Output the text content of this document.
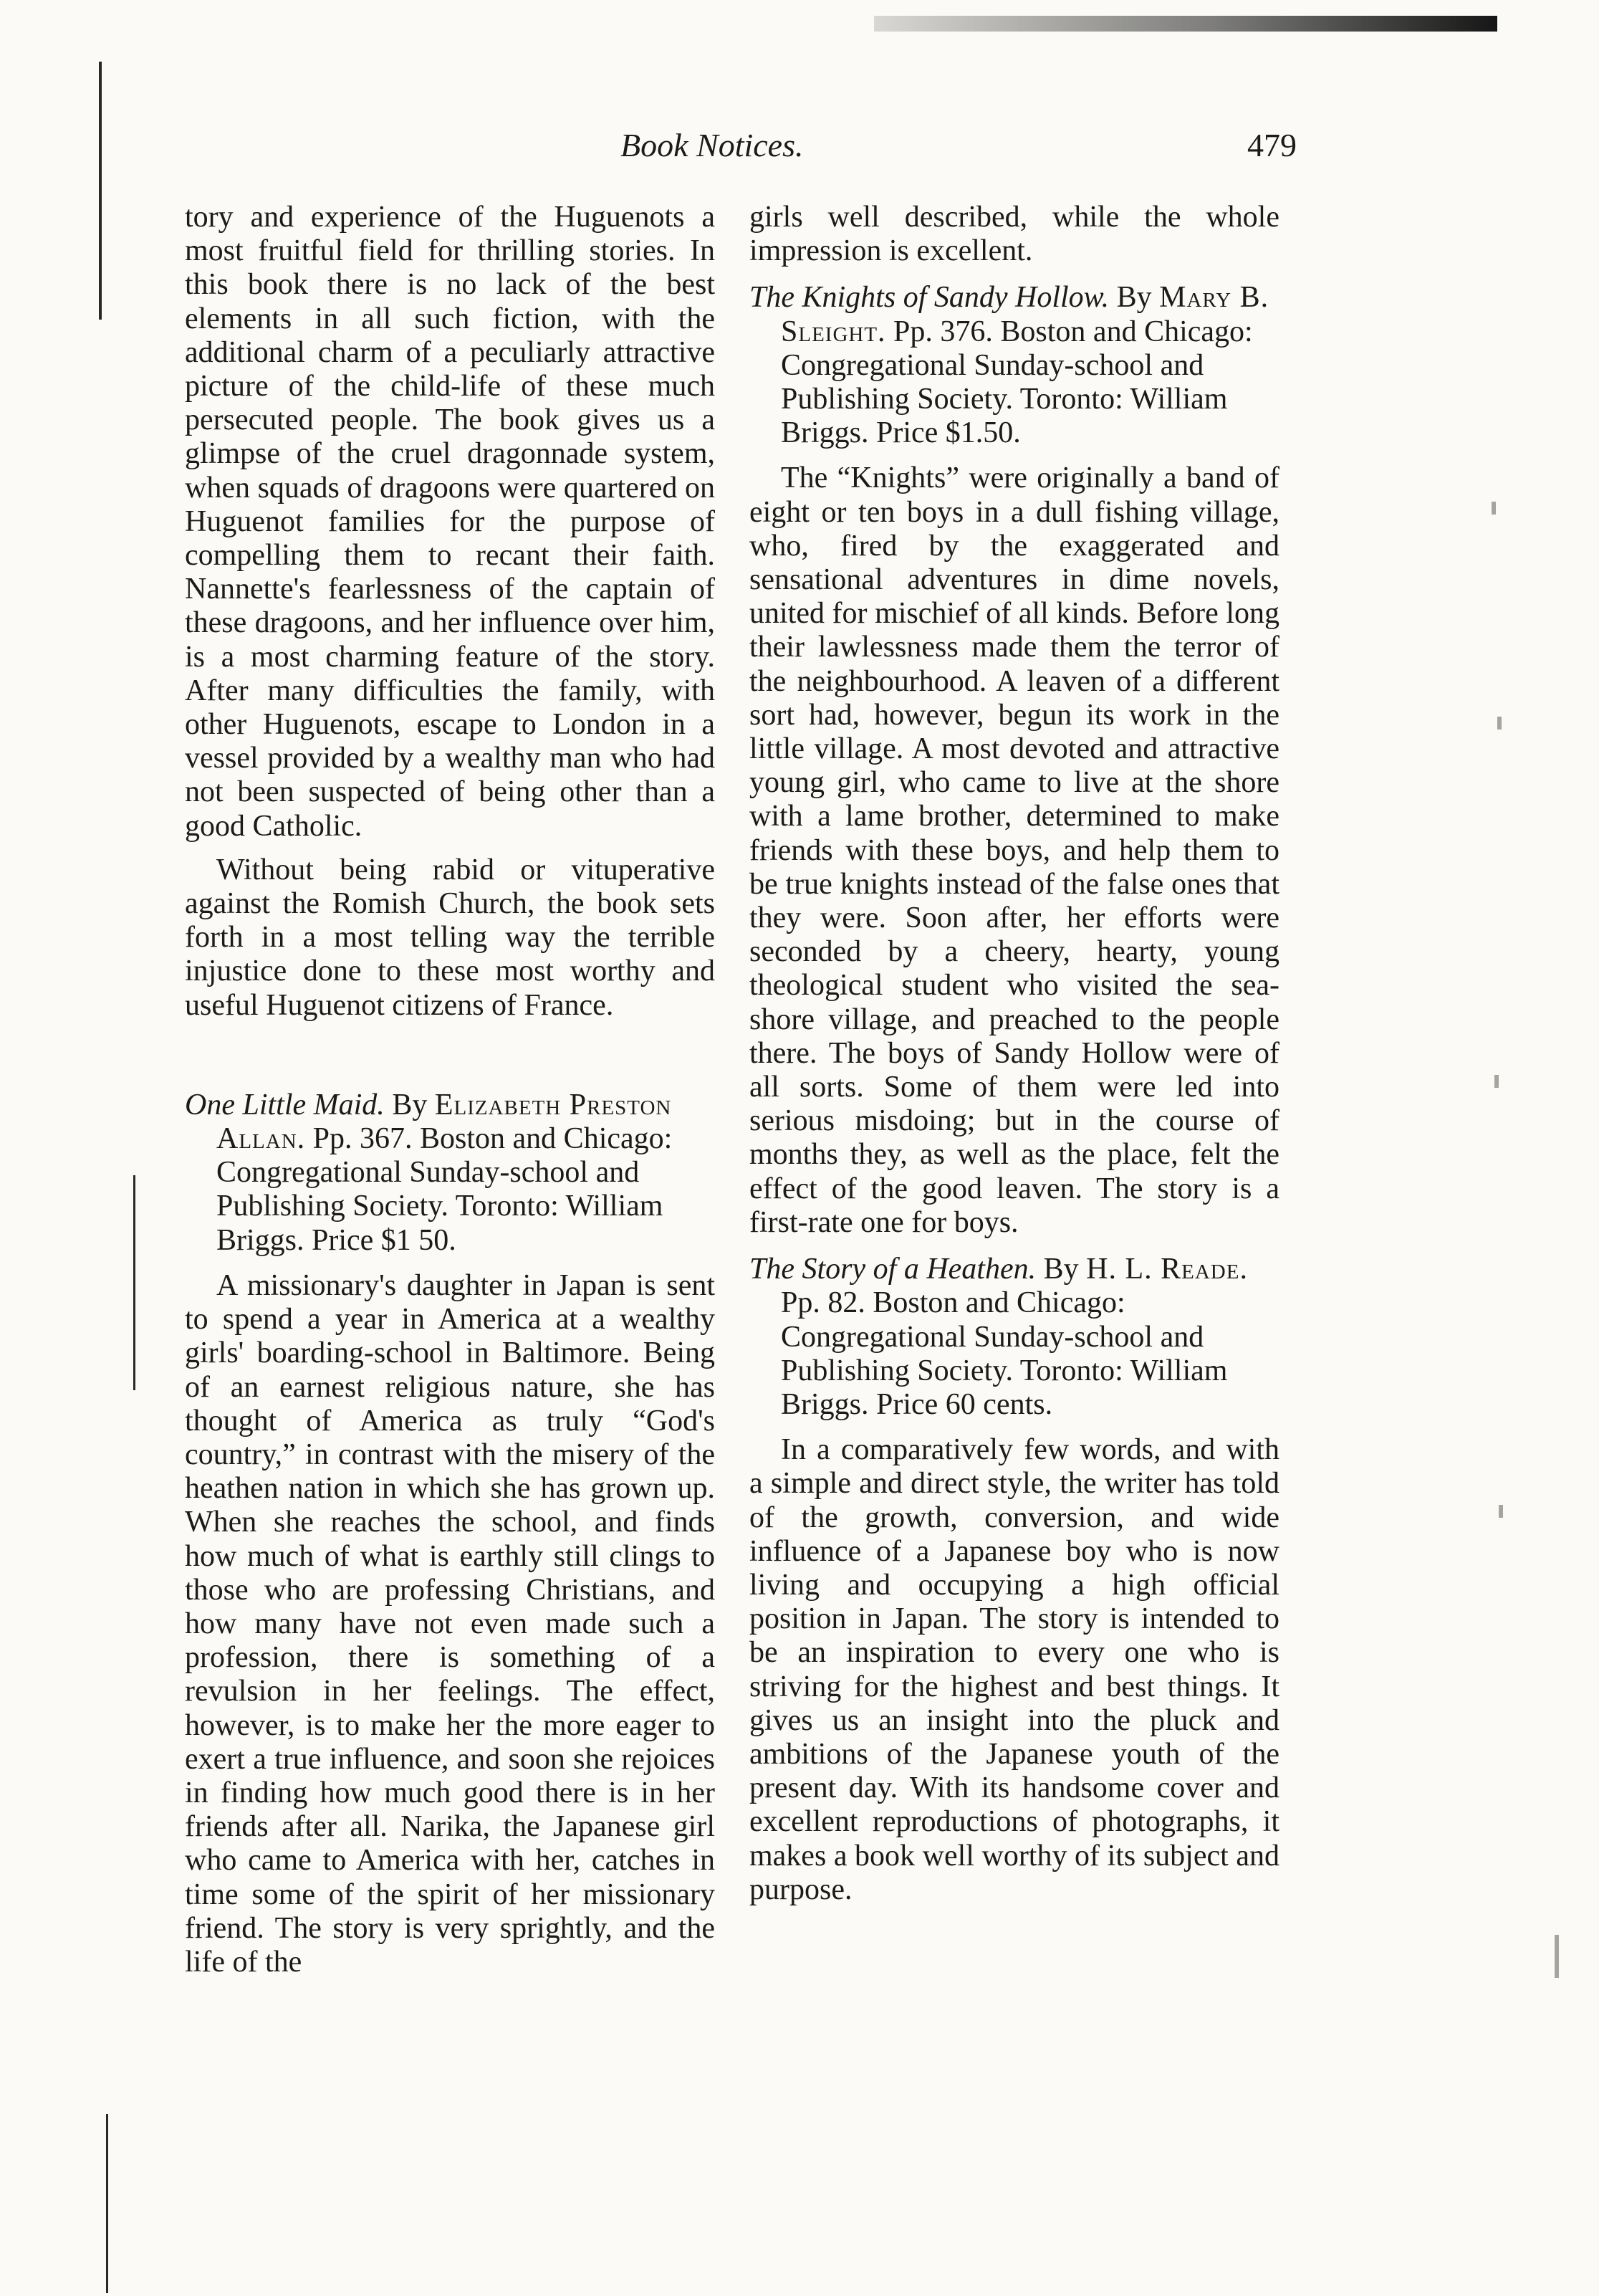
Book Notices.	479

tory and experience of the Huguenots a most fruitful field for thrilling stories. In this book there is no lack of the best elements in all such fiction, with the additional charm of a peculiarly attractive picture of the child-life of these much persecuted people. The book gives us a glimpse of the cruel dragonnade system, when squads of dragoons were quartered on Huguenot families for the purpose of compelling them to recant their faith. Nannette's fearlessness of the captain of these dragoons, and her influence over him, is a most charming feature of the story. After many difficulties the family, with other Huguenots, escape to London in a vessel provided by a wealthy man who had not been suspected of being other than a good Catholic.

Without being rabid or vituperative against the Romish Church, the book sets forth in a most telling way the terrible injustice done to these most worthy and useful Huguenot citizens of France.

One Little Maid. By Elizabeth Preston Allan. Pp. 367. Boston and Chicago: Congregational Sunday-school and Publishing Society. Toronto: William Briggs. Price $1 50.

A missionary's daughter in Japan is sent to spend a year in America at a wealthy girls' boarding-school in Baltimore. Being of an earnest religious nature, she has thought of America as truly “God's country,” in contrast with the misery of the heathen nation in which she has grown up. When she reaches the school, and finds how much of what is earthly still clings to those who are professing Christians, and how many have not even made such a profession, there is something of a revulsion in her feelings. The effect, however, is to make her the more eager to exert a true influence, and soon she rejoices in finding how much good there is in her friends after all. Narika, the Japanese girl who came to America with her, catches in time some of the spirit of her missionary friend. The story is very sprightly, and the life of the

girls well described, while the whole impression is excellent.

The Knights of Sandy Hollow. By Mary B. Sleight. Pp. 376. Boston and Chicago: Congregational Sunday-school and Publishing Society. Toronto: William Briggs. Price $1.50.

The “Knights” were originally a band of eight or ten boys in a dull fishing village, who, fired by the exaggerated and sensational adventures in dime novels, united for mischief of all kinds. Before long their lawlessness made them the terror of the neighbourhood. A leaven of a different sort had, however, begun its work in the little village. A most devoted and attractive young girl, who came to live at the shore with a lame brother, determined to make friends with these boys, and help them to be true knights instead of the false ones that they were. Soon after, her efforts were seconded by a cheery, hearty, young theological student who visited the sea-shore village, and preached to the people there. The boys of Sandy Hollow were of all sorts. Some of them were led into serious misdoing; but in the course of months they, as well as the place, felt the effect of the good leaven. The story is a first-rate one for boys.

The Story of a Heathen. By H. L. Reade. Pp. 82. Boston and Chicago: Congregational Sunday-school and Publishing Society. Toronto: William Briggs. Price 60 cents.

In a comparatively few words, and with a simple and direct style, the writer has told of the growth, conversion, and wide influence of a Japanese boy who is now living and occupying a high official position in Japan. The story is intended to be an inspiration to every one who is striving for the highest and best things. It gives us an insight into the pluck and ambitions of the Japanese youth of the present day. With its handsome cover and excellent reproductions of photographs, it makes a book well worthy of its subject and purpose.
